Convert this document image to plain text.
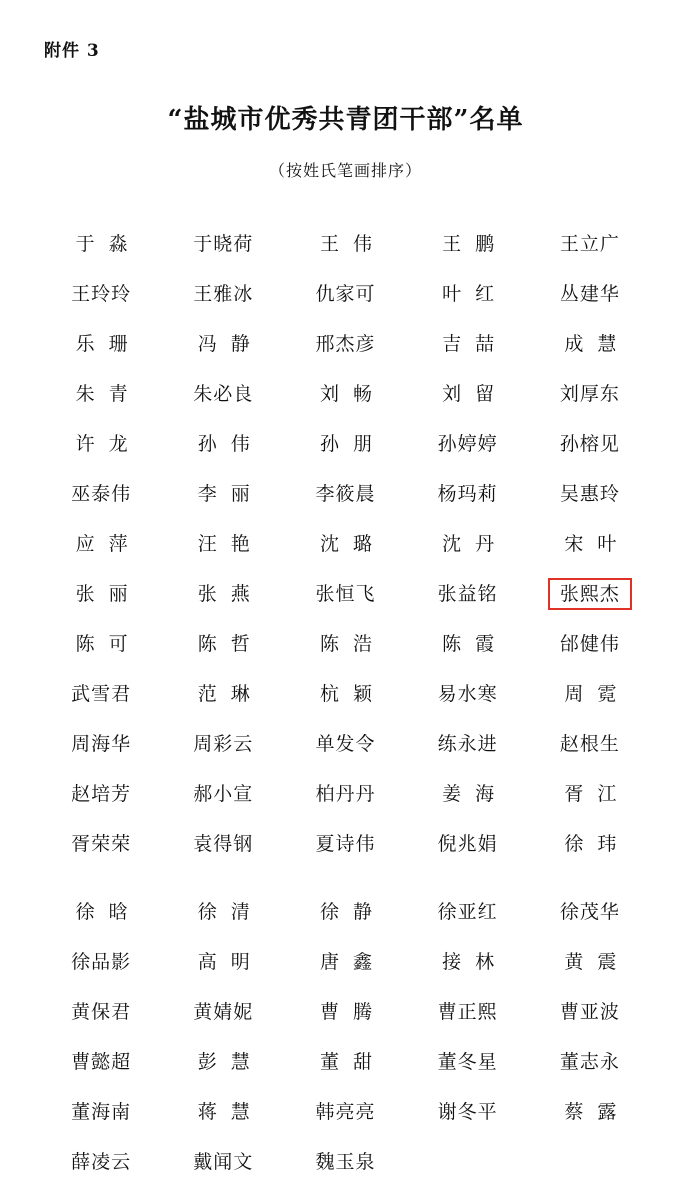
附件 3
“盐城市优秀共青团干部”名单
（按姓氏笔画排序）
于淼	于晓荷	王伟	王鹏	王立广
王玲玲	王雅冰	仇家可	叶红	丛建华
乐珊	冯静	邢杰彦	吉喆	成慧
朱青	朱必良	刘畅	刘留	刘厚东
许龙	孙伟	孙朋	孙婷婷	孙榕见
巫泰伟	李丽	李筱晨	杨玛莉	吴惠玲
应萍	汪艳	沈璐	沈丹	宋叶
张丽	张燕	张恒飞	张益铭	张熙杰
陈可	陈哲	陈浩	陈霞	邰健伟
武雪君	范琳	杭颖	易水寒	周霓
周海华	周彩云	单发令	练永进	赵根生
赵培芳	郝小宣	柏丹丹	姜海	胥江
胥荣荣	袁得钢	夏诗伟	倪兆娟	徐玮

徐晗	徐清	徐静	徐亚红	徐茂华
徐品影	高明	唐鑫	接林	黄震
黄保君	黄婧妮	曹腾	曹正熙	曹亚波
曹懿超	彭慧	董甜	董冬星	董志永
董海南	蒋慧	韩亮亮	谢冬平	蔡露
薛凌云	戴闻文	魏玉泉		
